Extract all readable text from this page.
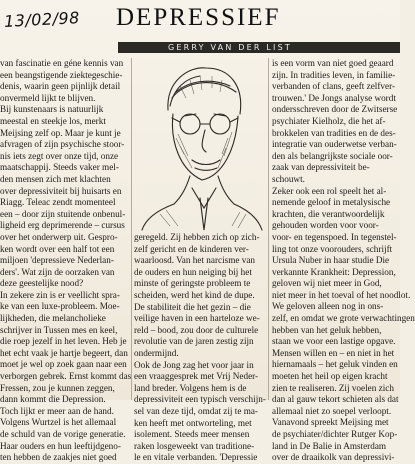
13/02/98 DEPRESSIEF
GERRY VAN DER LIST
van fascinatie en géne kennis van
een beangstigende ziektegeschie-
denis, waarin geen pijnlijk detail
onvermeld lijkt te blijven.
Bij kunstenaars is natuurlijk
meestal en steekje los, merkt
Meijsing zelf op. Maar je kunt je
afvragen of zijn psychische stoor-
nis iets zegt over onze tijd, onze
maatschappij. Steeds vaker mel-
den mensen zich met klachten
over depressiviteit bij huisarts en
Riagg. Teleac zendt momenteel
een – door zijn stuitende onbenul-
ligheid erg deprimerende – cursus
over het onderwerp uit. Gespro-
ken wordt over een half tot een
miljoen 'depressieve Nederlan-
ders'. Wat zijn de oorzaken van
deze geestelijke nood?
In zekere zin is er veellicht spra-
ke van een luxe-probleem. Moe-
lijkheden, die melancholieke
schrijver in Tussen mes en keel,
die roep jezelf in het leven. Heb je
het echt vaak je hartje begeert, dan
moet je wel op zoek gaan naar een
verborgen gebrek. Ernst kommt das
Fressen, zou je kunnen zeggen,
dann kommt die Depression.
Toch lijkt er meer aan de hand.
Volgens Wurtzel is het allemaal
de schuld van de vorige generatie.
Haar ouders en hun leeftijdgeno-
ten hebben de zaakjes niet goed
geregeld. Zij hebben zich op zich-
zelf gericht en de kinderen ver-
waarloosd. Van het narcisme van
de ouders en hun neiging bij het
minste of geringste probleem te
scheiden, werd het kind de dupe.
De stabiliteit die het gezin – die
veilige haven in een harteloze we-
reld – bood, zou door de culturele
revolutie van de jaren zestig zijn
ondermijnd.
Ook de Jong zag het voor jaar in
een vraaggesprek met Vrij Neder-
land breder. Volgens hem is de
depressiviteit een typisch verschijn-
sel van deze tijd, omdat zij te ma-
ken heeft met ontworteling, met
isolement. Steeds meer mensen
raken losgeweekt van traditione-
le en vitale verbanden. 'Depressie
is een vorm van niet goed geaard
zijn. In tradities leven, in familie-
verbanden of clans, geeft zelfver-
trouwen.' De Jongs analyse wordt
ondersschreven door de Zwitserse
psychiater Kielholz, die het af-
brokkelen van tradities en de des-
integratie van ouderwetse verban-
den als belangrijkste sociale oor-
zaak van depressiviteit be-
schouwt.
Zeker ook een rol speelt het al-
nemende geloof in metalysische
krachten, die verantwoordelijk
gehouden worden voor voor-
voor- en tegenspoed. In tegenstel-
ling tot onze voorouders, schrijft
Ursula Nuber in haar studie Die
verkannte Krankheit: Depression,
geloven wij niet meer in God,
niet meer in het toeval of het noodlot.
We geloven alleen nog in ons-
zelf, en omdat we grote verwachtingen
hebben van het geluk hebben,
staan we voor een lastige opgave.
Mensen willen en – en niet in het
hiernamaals – het geluk vinden en
moeten het heil op eigen kracht
zien te realiseren. Zij voelen zich
dan al gauw tekort schieten als dat
allemaal niet zo soepel verloopt.
Vanavond spreekt Meijsing met
de psychiater/dichter Rutger Kop-
land in De Balie in Amsterdam
over de draaikolk van depressivi-
